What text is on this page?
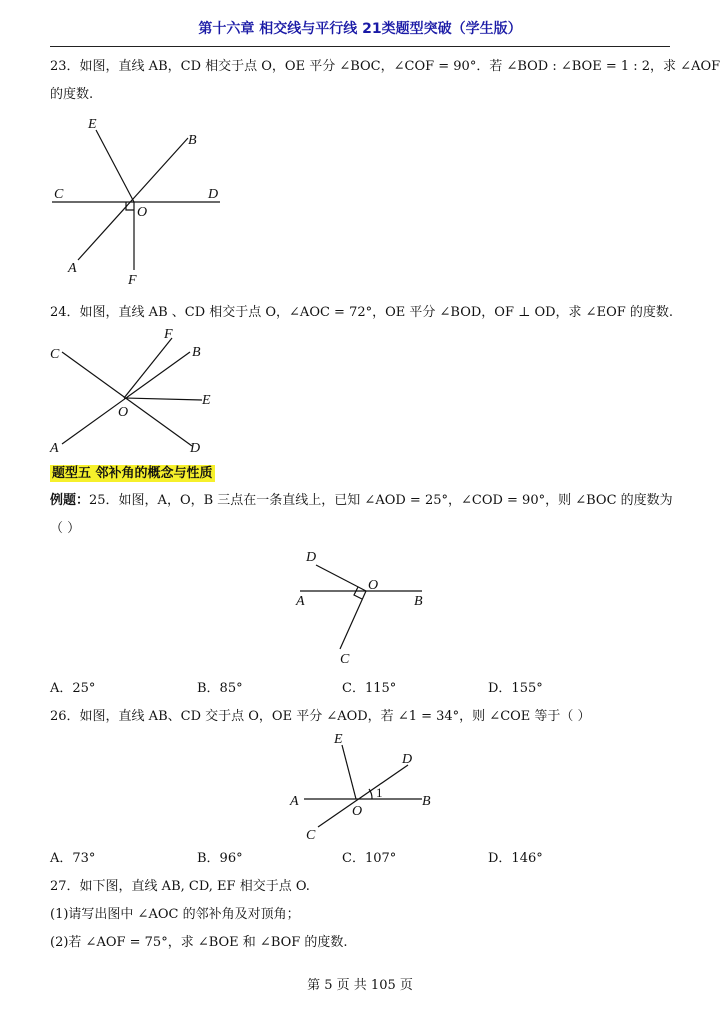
第十六章 相交线与平行线 21类题型突破（学生版）
23．如图，直线 AB，CD 相交于点 O，OE 平分 ∠BOC，∠COF = 90°．若 ∠BOD : ∠BOE = 1 : 2，求 ∠AOF
的度数.
E
B
C	D
O
A
F
24．如图，直线 AB 、CD 相交于点 O，∠AOC = 72°，OE 平分 ∠BOD，OF ⊥ OD，求 ∠EOF 的度数.
C
F
B
E
O
A	D
题型五 邻补角的概念与性质
例题：25．如图，A，O，B 三点在一条直线上，已知 ∠AOD = 25°，∠COD = 90°，则 ∠BOC 的度数为
（ ）
D
O
A	B
C
A．25°	B．85°	C．115°	D．155°
26．如图，直线 AB、CD 交于点 O，OE 平分 ∠AOD，若 ∠1 = 34°，则 ∠COE 等于（ ）
E
D
A	B
O
1
C
A．73°	B．96°	C．107°	D．146°
27．如下图，直线 AB, CD, EF 相交于点 O.
(1)请写出图中 ∠AOC 的邻补角及对顶角；
(2)若 ∠AOF = 75°，求 ∠BOE 和 ∠BOF 的度数.
第 5 页 共 105 页
